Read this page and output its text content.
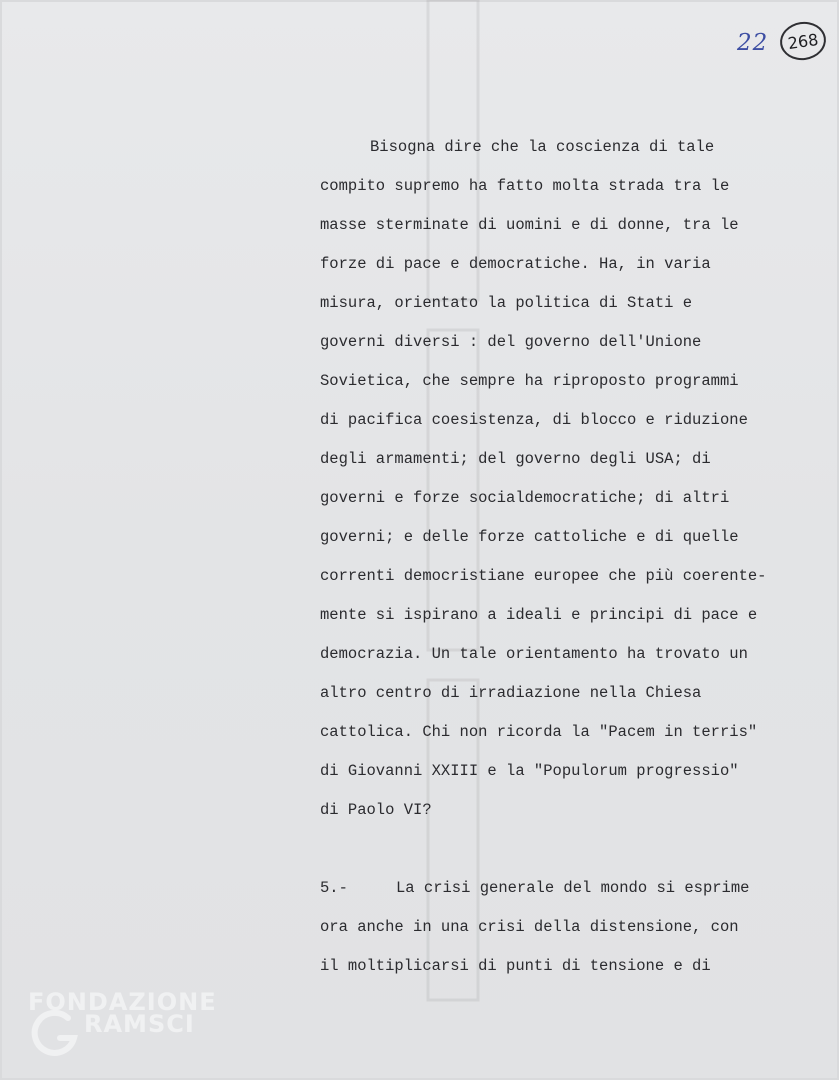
22 268
Bisogna dire che la coscienza di tale
compito supremo ha fatto molta strada tra le
masse sterminate di uomini e di donne, tra le
forze di pace e democratiche. Ha, in varia
misura, orientato la politica di Stati e
governi diversi : del governo dell'Unione
Sovietica, che sempre ha riproposto programmi
di pacifica coesistenza, di blocco e riduzione
degli armamenti; del governo degli USA; di
governi e forze socialdemocratiche; di altri
governi; e delle forze cattoliche e di quelle
correnti democristiane europee che più coerente-
mente si ispirano a ideali e principi di pace e
democrazia. Un tale orientamento ha trovato un
altro centro di irradiazione nella Chiesa
cattolica. Chi non ricorda la "Pacem in terris"
di Giovanni XXIII e la "Populorum progressio"
di Paolo VI?
5.-	La crisi generale del mondo si esprime
ora anche in una crisi della distensione, con
il moltiplicarsi di punti di tensione e di
FONDAZIONE
RAMSCI
